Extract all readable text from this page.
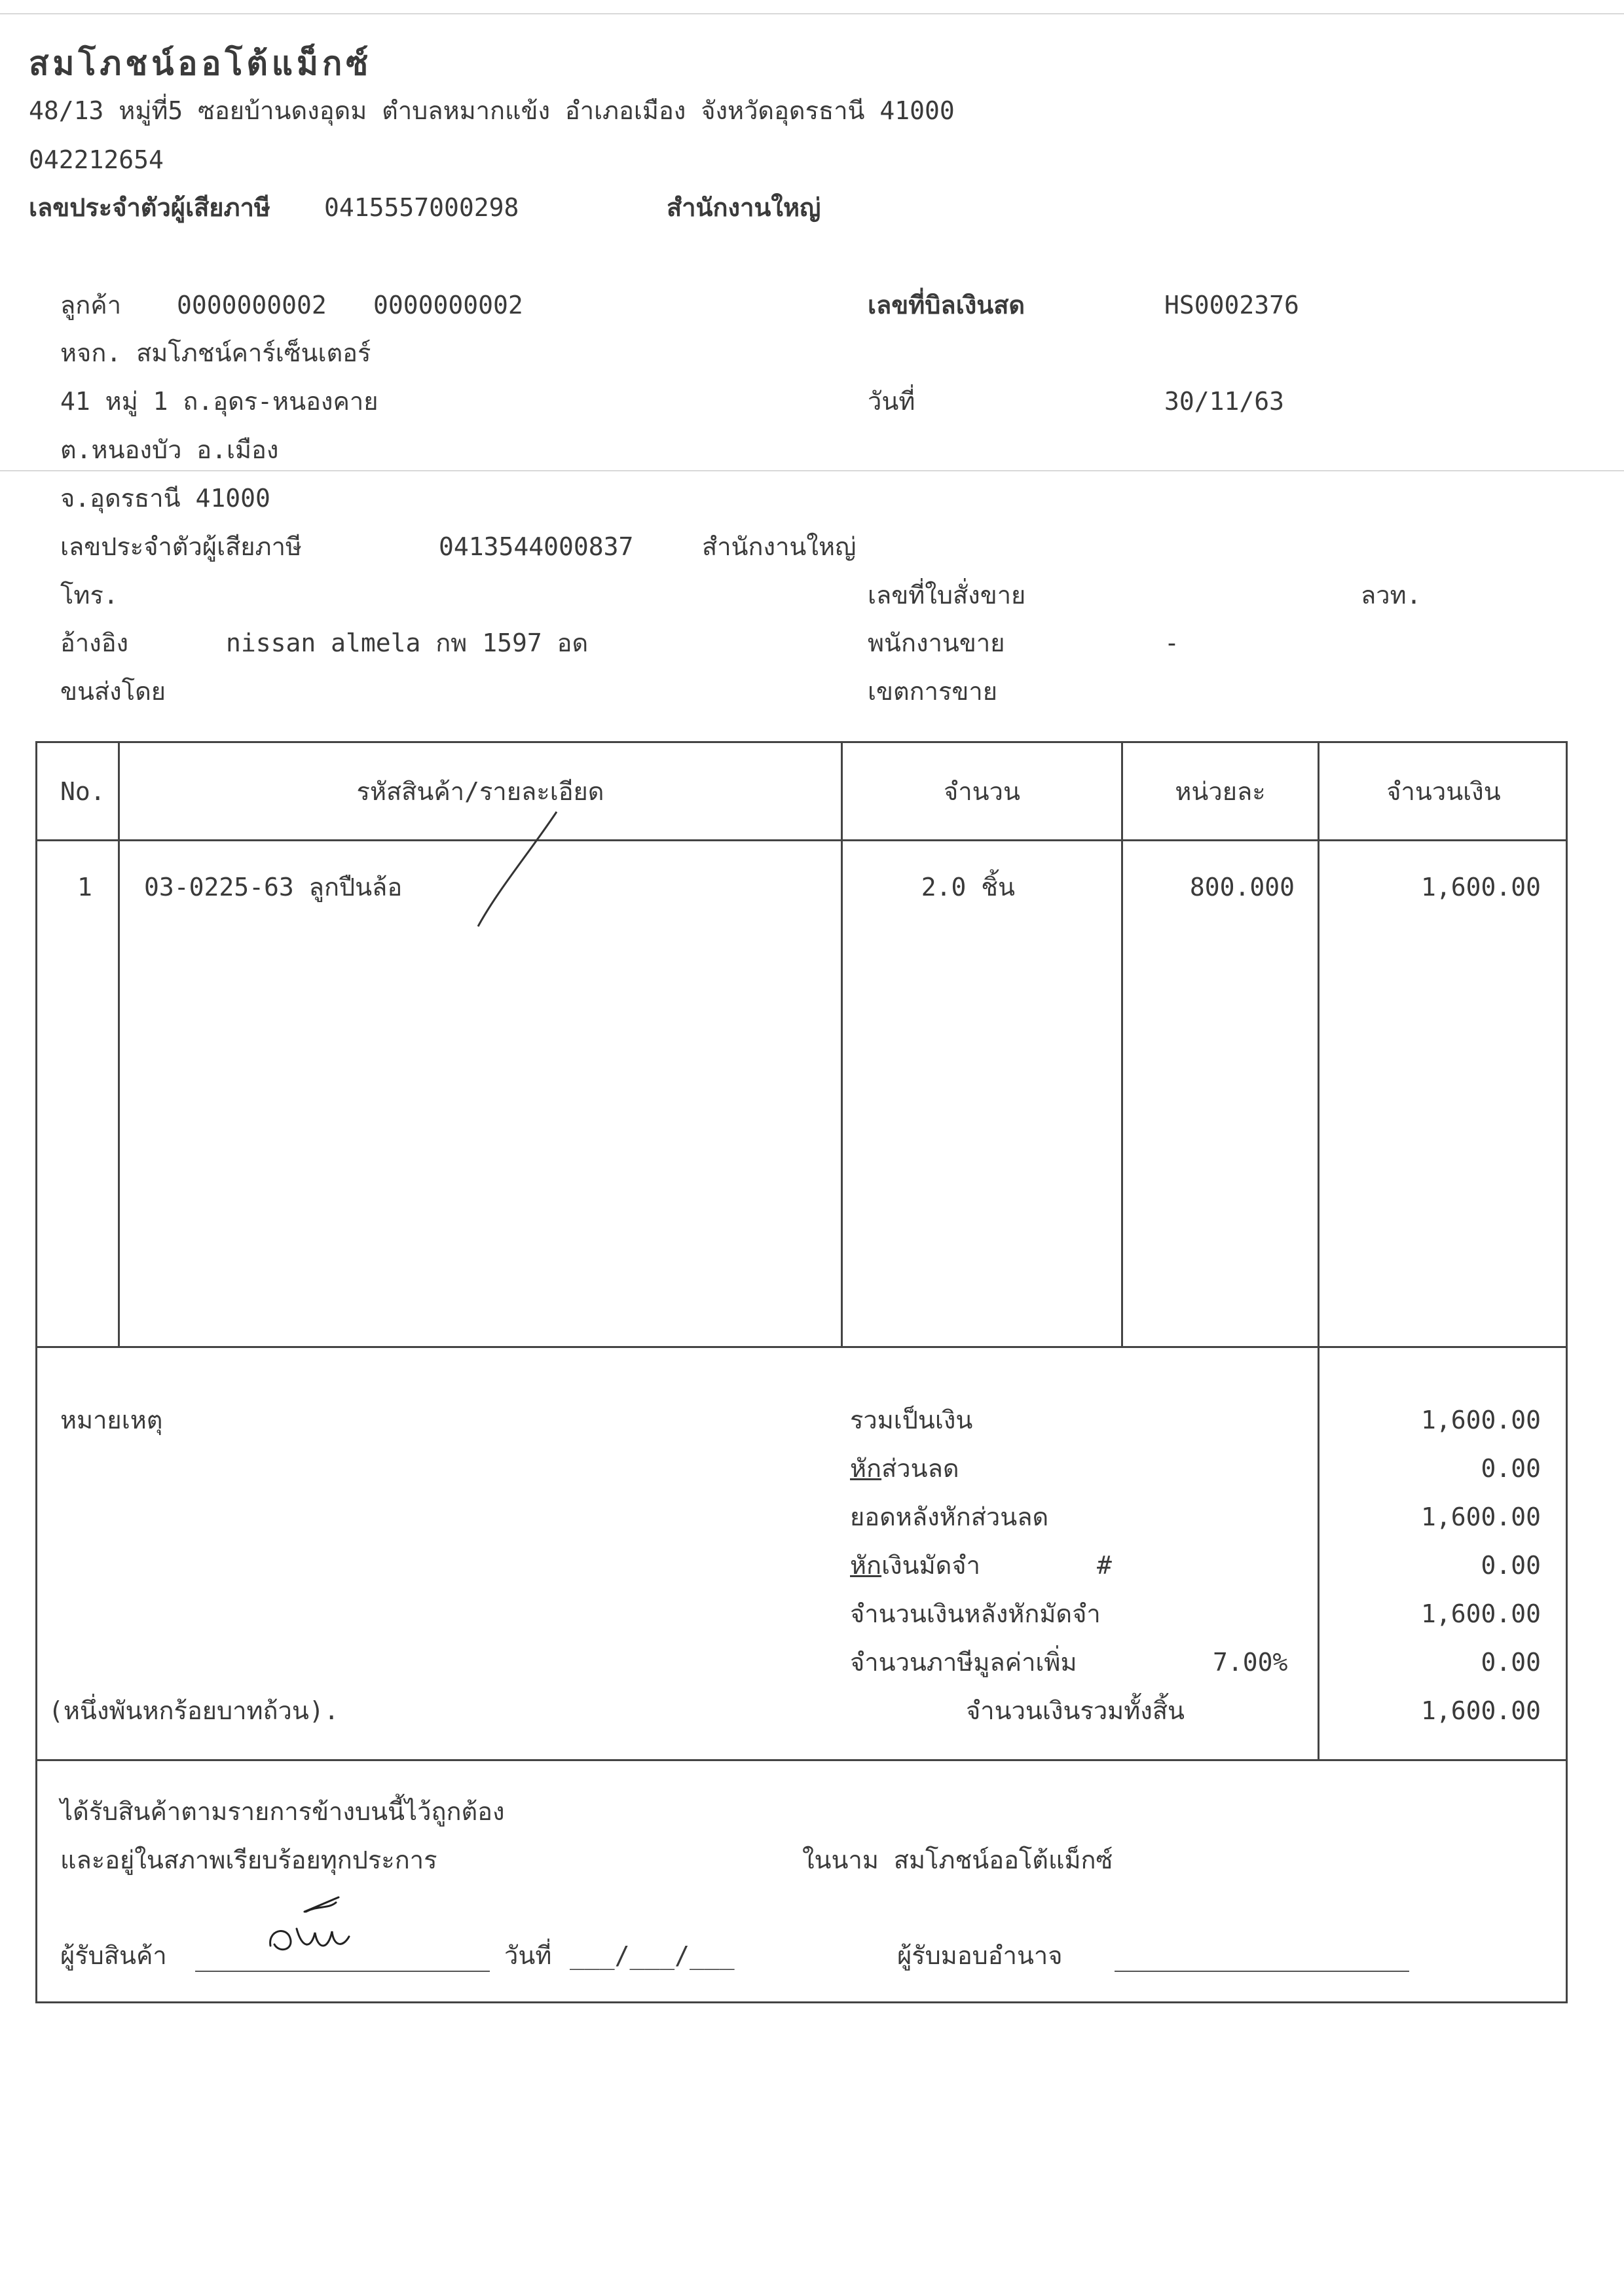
สมโภชน์ออโต้แม็กซ์
48/13 หมู่ที่5 ซอยบ้านดงอุดม ตำบลหมากแข้ง อำเภอเมือง จังหวัดอุดรธานี 41000
042212654
เลขประจำตัวผู้เสียภาษี 0415557000298	สำนักงานใหญ่
ลูกค้า 0000000002 0000000002
หจก. สมโภชน์คาร์เซ็นเตอร์
41 หมู่ 1 ถ.อุดร-หนองคาย
ต.หนองบัว อ.เมือง
จ.อุดรธานี 41000
เลขประจำตัวผู้เสียภาษี	0413544000837	สำนักงานใหญ่
โทร.
อ้างอิง	nissan almela กพ 1597 อด
ขนส่งโดย
เลขที่บิลเงินสด	HS0002376
วันที่	30/11/63
เลขที่ใบสั่งขาย	ลวท.
พนักงานขาย	-
เขตการขาย
No.	รหัสสินค้า/รายละเอียด	จำนวน	หน่วยละ	จำนวนเงิน
1 03-0225-63 ลูกปืนล้อ	2.0 ชิ้น	800.000	1,600.00
หมายเหตุ	รวมเป็นเงิน	1,600.00
หักส่วนลด	0.00
ยอดหลังหักส่วนลด	1,600.00
หักเงินมัดจำ	#	0.00
จำนวนเงินหลังหักมัดจำ	1,600.00
จำนวนภาษีมูลค่าเพิ่ม	7.00%	0.00
(หนึ่งพันหกร้อยบาทถ้วน).	จำนวนเงินรวมทั้งสิ้น	1,600.00
ได้รับสินค้าตามรายการข้างบนนี้ไว้ถูกต้อง
และอยู่ในสภาพเรียบร้อยทุกประการ	ในนาม สมโภชน์ออโต้แม็กซ์
ผู้รับสินค้า	วันที่ ___/___/___	ผู้รับมอบอำนาจ
